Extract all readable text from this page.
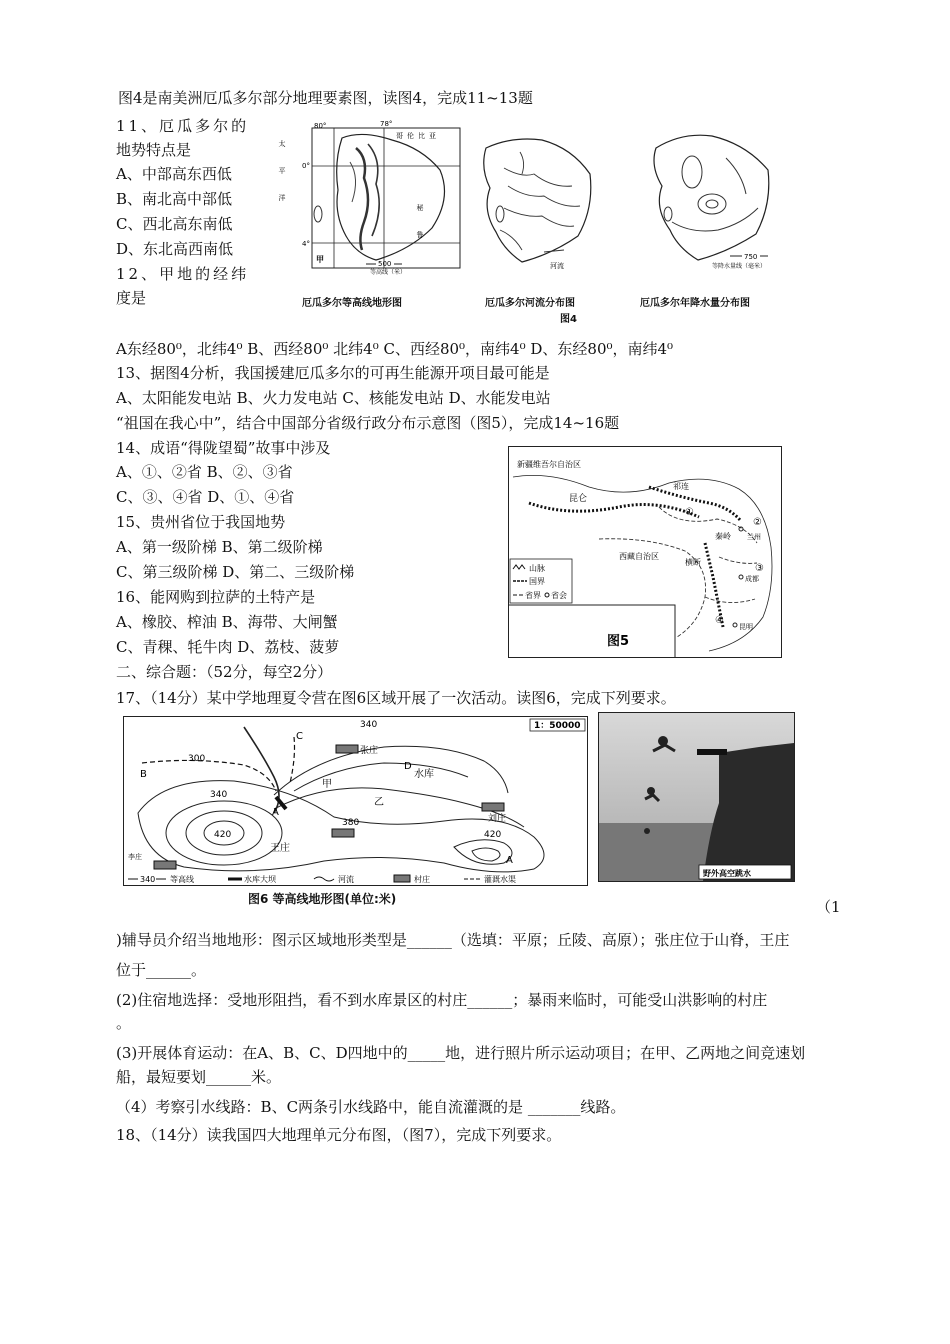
图4是南美洲厄瓜多尔部分地理要素图，读图4，完成11~13题
11、厄瓜多尔的
地势特点是
A、中部高东西低
B、南北高中部低
C、西北高东南低
D、东北高西南低
12、甲地的经纬
度是
A东经80⁰，北纬4⁰ B、西经80⁰ 北纬4⁰ C、西经80⁰，南纬4⁰ D、东经80⁰，南纬4⁰
13、据图4分析，我国援建厄瓜多尔的可再生能源开项目最可能是
A、太阳能发电站 B、火力发电站 C、核能发电站 D、水能发电站
“祖国在我心中”，结合中国部分省级行政分布示意图（图5），完成14~16题
14、成语“得陇望蜀”故事中涉及
A、①、②省 B、②、③省
C、③、④省 D、①、④省
15、贵州省位于我国地势
A、第一级阶梯 B、第二级阶梯
C、第三级阶梯 D、第二、三级阶梯
16、能网购到拉萨的土特产是
A、橡胶、榨油 B、海带、大闸蟹
C、青稞、牦牛肉 D、荔枝、菠萝
二、综合题：（52分，每空2分）
17、（14分）某中学地理夏令营在图6区域开展了一次活动。读图6，完成下列要求。
（1
)辅导员介绍当地地形：图示区域地形类型是______（选填：平原；丘陵、高原）；张庄位于山脊，王庄
位于______。
(2)住宿地选择：受地形阻挡，看不到水库景区的村庄______；暴雨来临时，可能受山洪影响的村庄
。
(3)开展体育运动：在A、B、C、D四地中的_____地，进行照片所示运动项目；在甲、乙两地之间竞速划
船，最短要划______米。
（4）考察引水线路：B、C两条引水线路中，能自流灌溉的是 _______线路。
18、（14分）读我国四大地理单元分布图，（图7），完成下列要求。
80°	78°
0°
4°
哥伦比亚
太平洋
秘鲁
甲	500
等高线（米）
河流
750
等降水量线（毫米）
厄瓜多尔等高线地形图	厄瓜多尔河流分布图	厄瓜多尔年降水量分布图
图4
新疆维吾尔自治区
昆仑
祁连
西藏自治区
横断
秦岭 兰州
成都
昆明
①
②
③
④
山脉
国界
省界 省会
图5
1：50000
张庄
刘庄
王庄
李庄
水库
甲
乙
340
300
340
420
380
420
A
A
B
C
D
340 等高线	水库大坝	河流	村庄	灌溉水渠
图6 等高线地形图(单位:米)
野外高空跳水
